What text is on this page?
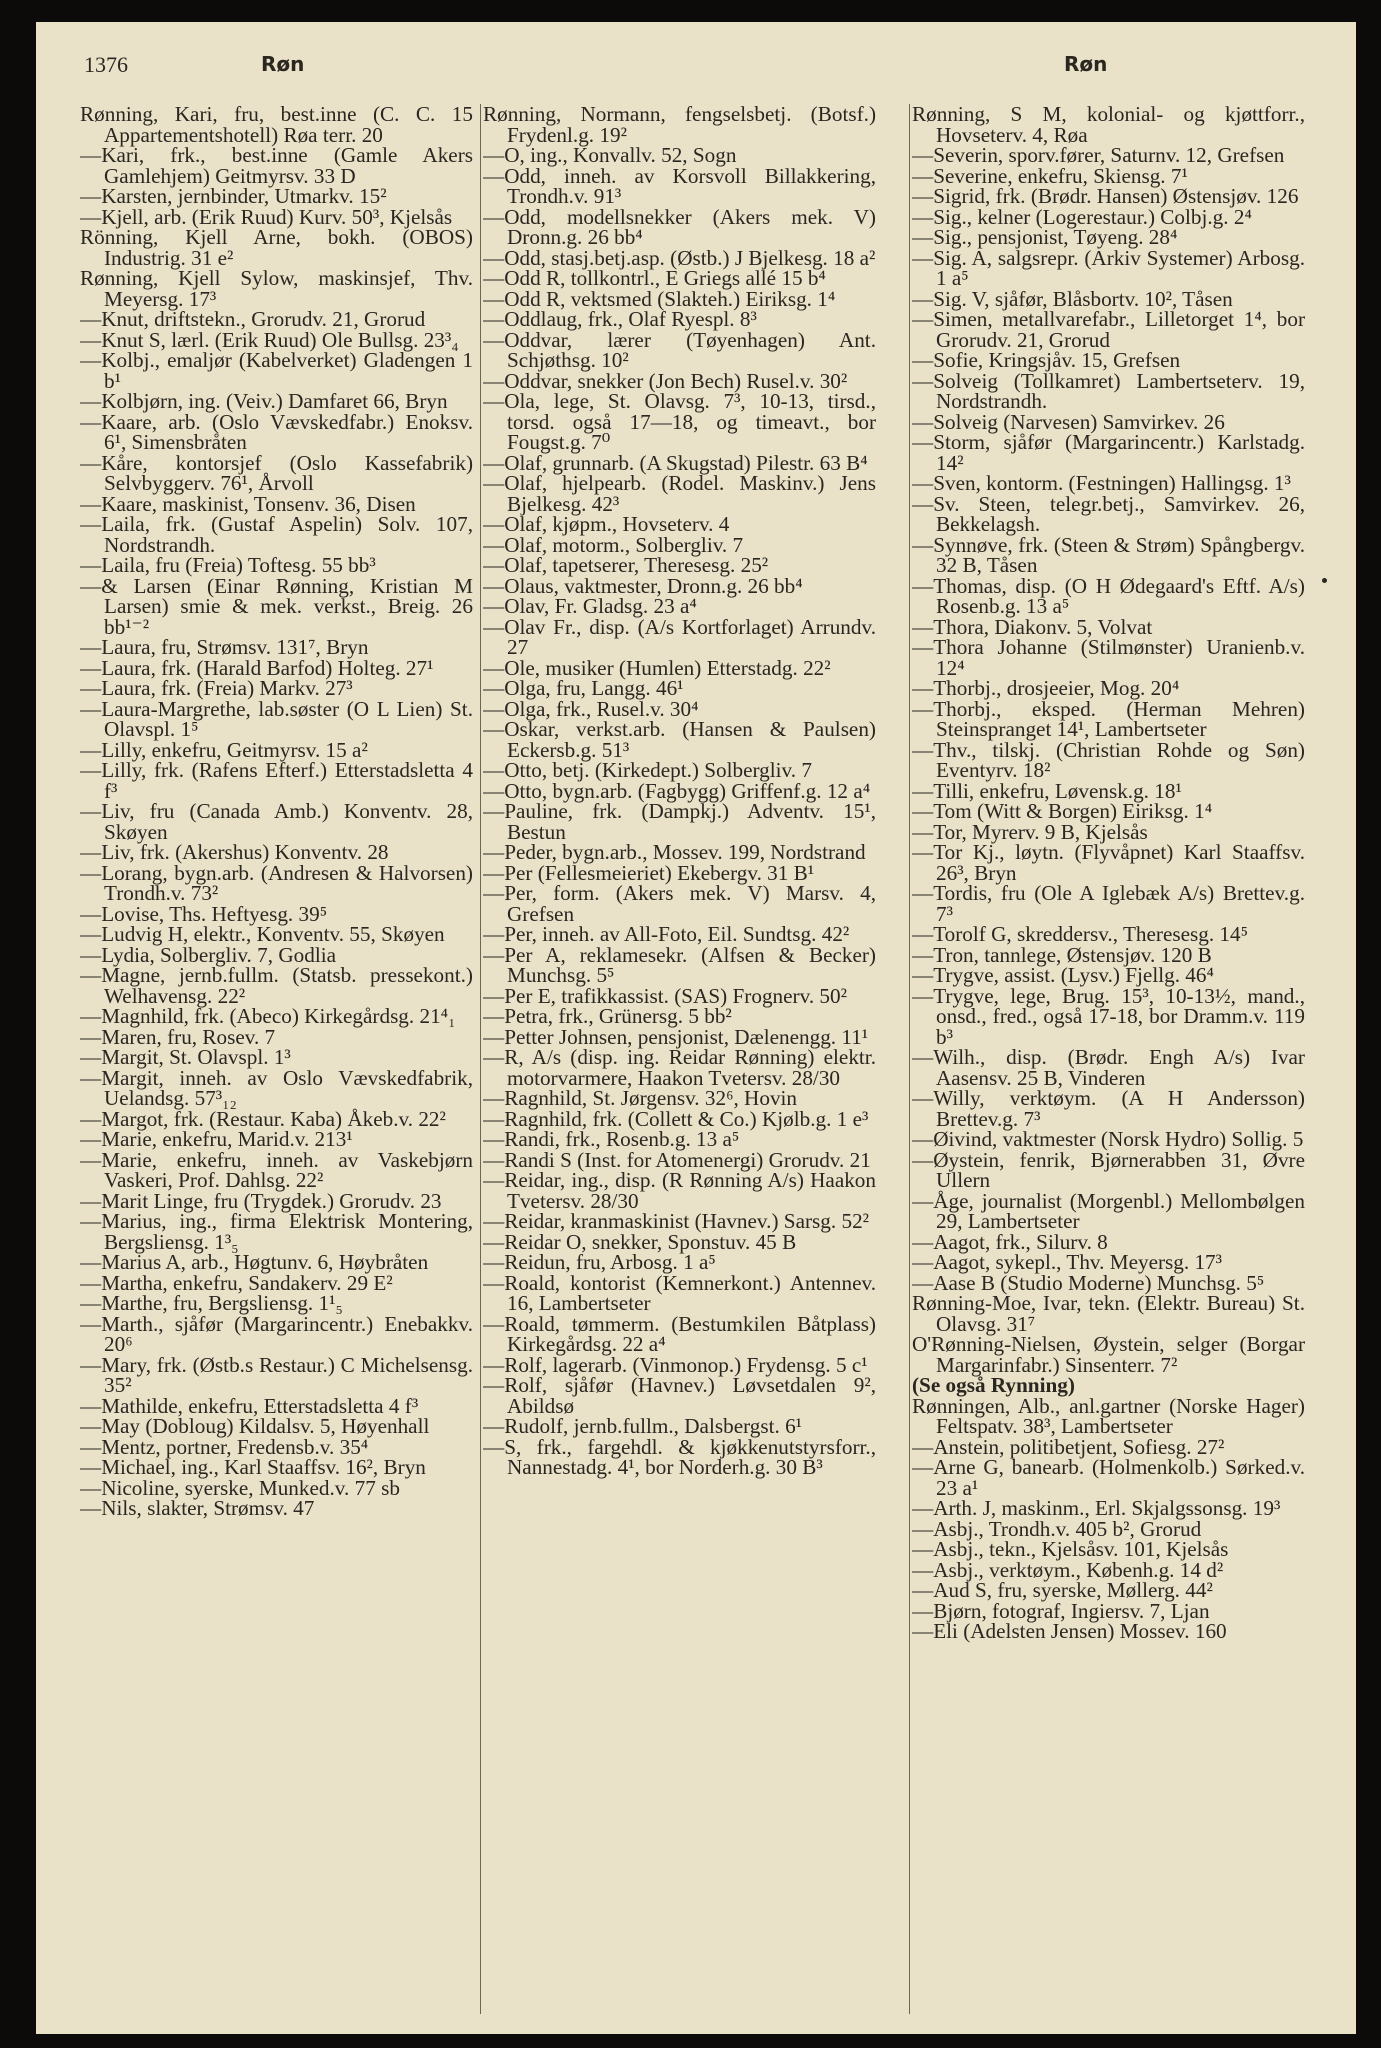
1376	Røn	Røn
Rønning, Kari, fru, best.inne (C. C. 15 Appartementshotell) Røa terr. 20
—Kari, frk., best.inne (Gamle Akers Gamlehjem) Geitmyrsv. 33 D
—Karsten, jernbinder, Utmarkv. 15²
—Kjell, arb. (Erik Ruud) Kurv. 50³, Kjelsås
Rönning, Kjell Arne, bokh. (OBOS) Industrig. 31 e²
Rønning, Kjell Sylow, maskinsjef, Thv. Meyersg. 17³
—Knut, driftstekn., Grorudv. 21, Grorud
—Knut S, lærl. (Erik Ruud) Ole Bullsg. 23³₄
—Kolbj., emaljør (Kabelverket) Gladengen 1 b¹
—Kolbjørn, ing. (Veiv.) Damfaret 66, Bryn
—Kaare, arb. (Oslo Vævskedfabr.) Enoksv. 6¹, Simensbråten
—Kåre, kontorsjef (Oslo Kassefabrik) Selvbyggerv. 76¹, Årvoll
—Kaare, maskinist, Tonsenv. 36, Disen
—Laila, frk. (Gustaf Aspelin) Solv. 107, Nordstrandh.
—Laila, fru (Freia) Toftesg. 55 bb³
—& Larsen (Einar Rønning, Kristian M Larsen) smie & mek. verkst., Breig. 26 bb¹⁻²
—Laura, fru, Strømsv. 131⁷, Bryn
—Laura, frk. (Harald Barfod) Holteg. 27¹
—Laura, frk. (Freia) Markv. 27³
—Laura-Margrethe, lab.søster (O L Lien) St. Olavspl. 1⁵
—Lilly, enkefru, Geitmyrsv. 15 a²
—Lilly, frk. (Rafens Efterf.) Etterstadsletta 4 f³
—Liv, fru (Canada Amb.) Konventv. 28, Skøyen
—Liv, frk. (Akershus) Konventv. 28
—Lorang, bygn.arb. (Andresen & Halvorsen) Trondh.v. 73²
—Lovise, Ths. Heftyesg. 39⁵
—Ludvig H, elektr., Konventv. 55, Skøyen
—Lydia, Solbergliv. 7, Godlia
—Magne, jernb.fullm. (Statsb. pressekont.) Welhavensg. 22²
—Magnhild, frk. (Abeco) Kirkegårdsg. 21⁴₁
—Maren, fru, Rosev. 7
—Margit, St. Olavspl. 1³
—Margit, inneh. av Oslo Vævskedfabrik, Uelandsg. 57³₁₂
—Margot, frk. (Restaur. Kaba) Åkeb.v. 22²
—Marie, enkefru, Marid.v. 213¹
—Marie, enkefru, inneh. av Vaskebjørn Vaskeri, Prof. Dahlsg. 22²
—Marit Linge, fru (Trygdek.) Grorudv. 23
—Marius, ing., firma Elektrisk Montering, Bergsliensg. 1³₅
—Marius A, arb., Høgtunv. 6, Høybråten
—Martha, enkefru, Sandakerv. 29 E²
—Marthe, fru, Bergsliensg. 1¹₅
—Marth., sjåfør (Margarincentr.) Enebakkv. 20⁶
—Mary, frk. (Østb.s Restaur.) C Michelsensg. 35²
—Mathilde, enkefru, Etterstadsletta 4 f³
—May (Dobloug) Kildalsv. 5, Høyenhall
—Mentz, portner, Fredensb.v. 35⁴
—Michael, ing., Karl Staaffsv. 16², Bryn
—Nicoline, syerske, Munked.v. 77 sb
—Nils, slakter, Strømsv. 47
Rønning, Normann, fengselsbetj. (Botsf.) Frydenl.g. 19²
—O, ing., Konvallv. 52, Sogn
—Odd, inneh. av Korsvoll Billakkering, Trondh.v. 91³
—Odd, modellsnekker (Akers mek. V) Dronn.g. 26 bb⁴
—Odd, stasj.betj.asp. (Østb.) J Bjelkesg. 18 a²
—Odd R, tollkontrl., E Griegs allé 15 b⁴
—Odd R, vektsmed (Slakteh.) Eiriksg. 1⁴
—Oddlaug, frk., Olaf Ryespl. 8³
—Oddvar, lærer (Tøyenhagen) Ant. Schjøthsg. 10²
—Oddvar, snekker (Jon Bech) Rusel.v. 30²
—Ola, lege, St. Olavsg. 7³, 10-13, tirsd., torsd. også 17—18, og timeavt., bor Fougst.g. 7⁰
—Olaf, grunnarb. (A Skugstad) Pilestr. 63 B⁴
—Olaf, hjelpearb. (Rodel. Maskinv.) Jens Bjelkesg. 42³
—Olaf, kjøpm., Hovseterv. 4
—Olaf, motorm., Solbergliv. 7
—Olaf, tapetserer, Theresesg. 25²
—Olaus, vaktmester, Dronn.g. 26 bb⁴
—Olav, Fr. Gladsg. 23 a⁴
—Olav Fr., disp. (A/s Kortforlaget) Arrundv. 27
—Ole, musiker (Humlen) Etterstadg. 22²
—Olga, fru, Langg. 46¹
—Olga, frk., Rusel.v. 30⁴
—Oskar, verkst.arb. (Hansen & Paulsen) Eckersb.g. 51³
—Otto, betj. (Kirkedept.) Solbergliv. 7
—Otto, bygn.arb. (Fagbygg) Griffenf.g. 12 a⁴
—Pauline, frk. (Dampkj.) Adventv. 15¹, Bestun
—Peder, bygn.arb., Mossev. 199, Nordstrand
—Per (Fellesmeieriet) Ekebergv. 31 B¹
—Per, form. (Akers mek. V) Marsv. 4, Grefsen
—Per, inneh. av All-Foto, Eil. Sundtsg. 42²
—Per A, reklamesekr. (Alfsen & Becker) Munchsg. 5⁵
—Per E, trafikkassist. (SAS) Frognerv. 50²
—Petra, frk., Grünersg. 5 bb²
—Petter Johnsen, pensjonist, Dælenengg. 11¹
—R, A/s (disp. ing. Reidar Rønning) elektr. motorvarmere, Haakon Tvetersv. 28/30
—Ragnhild, St. Jørgensv. 32⁶, Hovin
—Ragnhild, frk. (Collett & Co.) Kjølb.g. 1 e³
—Randi, frk., Rosenb.g. 13 a⁵
—Randi S (Inst. for Atomenergi) Grorudv. 21
—Reidar, ing., disp. (R Rønning A/s) Haakon Tvetersv. 28/30
—Reidar, kranmaskinist (Havnev.) Sarsg. 52²
—Reidar O, snekker, Sponstuv. 45 B
—Reidun, fru, Arbosg. 1 a⁵
—Roald, kontorist (Kemnerkont.) Antennev. 16, Lambertseter
—Roald, tømmerm. (Bestumkilen Båtplass) Kirkegårdsg. 22 a⁴
—Rolf, lagerarb. (Vinmonop.) Frydensg. 5 c¹
—Rolf, sjåfør (Havnev.) Løvsetdalen 9², Abildsø
—Rudolf, jernb.fullm., Dalsbergst. 6¹
—S, frk., fargehdl. & kjøkkenutstyrsforr., Nannestadg. 4¹, bor Norderh.g. 30 B³
Rønning, S M, kolonial- og kjøttforr., Hovseterv. 4, Røa
—Severin, sporv.fører, Saturnv. 12, Grefsen
—Severine, enkefru, Skiensg. 7¹
—Sigrid, frk. (Brødr. Hansen) Østensjøv. 126
—Sig., kelner (Logerestaur.) Colbj.g. 2⁴
—Sig., pensjonist, Tøyeng. 28⁴
—Sig. A, salgsrepr. (Arkiv Systemer) Arbosg. 1 a⁵
—Sig. V, sjåfør, Blåsbortv. 10², Tåsen
—Simen, metallvarefabr., Lilletorget 1⁴, bor Grorudv. 21, Grorud
—Sofie, Kringsjåv. 15, Grefsen
—Solveig (Tollkamret) Lambertseterv. 19, Nordstrandh.
—Solveig (Narvesen) Samvirkev. 26
—Storm, sjåfør (Margarincentr.) Karlstadg. 14²
—Sven, kontorm. (Festningen) Hallingsg. 1³
—Sv. Steen, telegr.betj., Samvirkev. 26, Bekkelagsh.
—Synnøve, frk. (Steen & Strøm) Spångbergv. 32 B, Tåsen
—Thomas, disp. (O H Ødegaard's Eftf. A/s) Rosenb.g. 13 a⁵
—Thora, Diakonv. 5, Volvat
—Thora Johanne (Stilmønster) Uranienb.v. 12⁴
—Thorbj., drosjeeier, Mog. 20⁴
—Thorbj., eksped. (Herman Mehren) Steinspranget 14¹, Lambertseter
—Thv., tilskj. (Christian Rohde og Søn) Eventyrv. 18²
—Tilli, enkefru, Løvensk.g. 18¹
—Tom (Witt & Borgen) Eiriksg. 1⁴
—Tor, Myrerv. 9 B, Kjelsås
—Tor Kj., løytn. (Flyvåpnet) Karl Staaffsv. 26³, Bryn
—Tordis, fru (Ole A Iglebæk A/s) Brettev.g. 7³
—Torolf G, skreddersv., Theresesg. 14⁵
—Tron, tannlege, Østensjøv. 120 B
—Trygve, assist. (Lysv.) Fjellg. 46⁴
—Trygve, lege, Brug. 15³, 10-13½, mand., onsd., fred., også 17-18, bor Dramm.v. 119 b³
—Wilh., disp. (Brødr. Engh A/s) Ivar Aasensv. 25 B, Vinderen
—Willy, verktøym. (A H Andersson) Brettev.g. 7³
—Øivind, vaktmester (Norsk Hydro) Sollig. 5
—Øystein, fenrik, Bjørnerabben 31, Øvre Ullern
—Åge, journalist (Morgenbl.) Mellombølgen 29, Lambertseter
—Aagot, frk., Silurv. 8
—Aagot, sykepl., Thv. Meyersg. 17³
—Aase B (Studio Moderne) Munchsg. 5⁵
Rønning-Moe, Ivar, tekn. (Elektr. Bureau) St. Olavsg. 31⁷
O'Rønning-Nielsen, Øystein, selger (Borgar Margarinfabr.) Sinsenterr. 7²
(Se også Rynning)
Rønningen, Alb., anl.gartner (Norske Hager) Feltspatv. 38³, Lambertseter
—Anstein, politibetjent, Sofiesg. 27²
—Arne G, banearb. (Holmenkolb.) Sørked.v. 23 a¹
—Arth. J, maskinm., Erl. Skjalgssonsg. 19³
—Asbj., Trondh.v. 405 b², Grorud
—Asbj., tekn., Kjelsåsv. 101, Kjelsås
—Asbj., verktøym., Københ.g. 14 d²
—Aud S, fru, syerske, Møllerg. 44²
—Bjørn, fotograf, Ingiersv. 7, Ljan
—Eli (Adelsten Jensen) Mossev. 160
